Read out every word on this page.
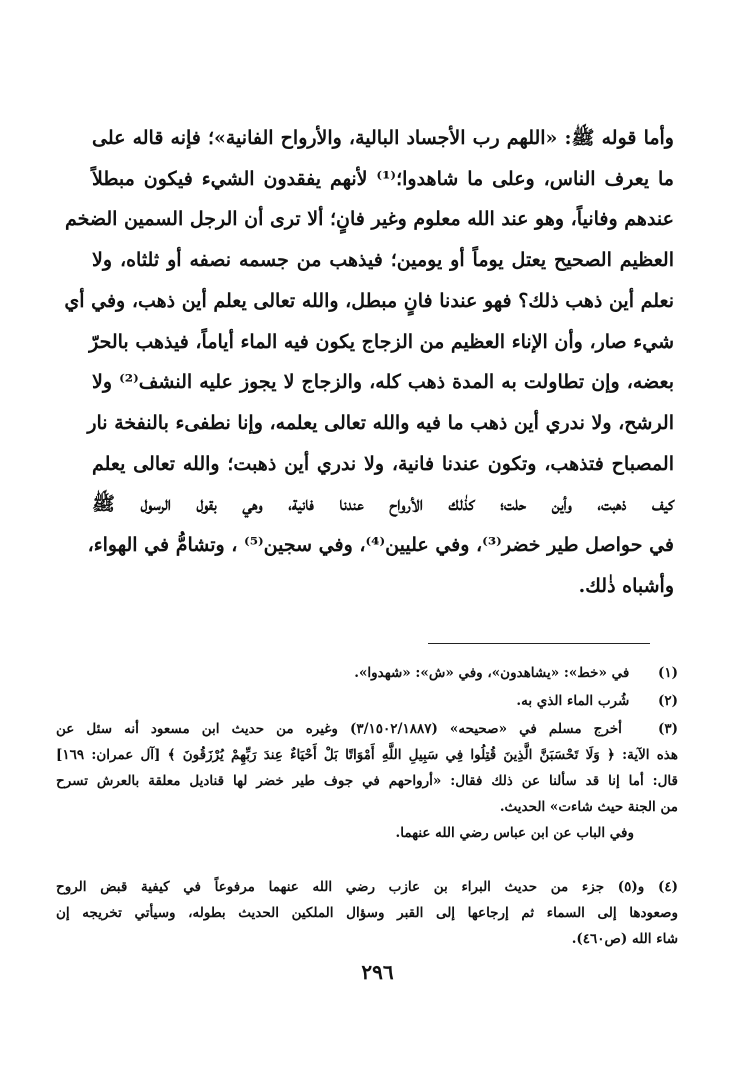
وأما قوله ﷺ: «اللهم رب الأجساد البالية، والأرواح الفانية»؛ فإنه قاله على
ما يعرف الناس، وعلى ما شاهدوا؛⁽¹⁾ لأنهم يفقدون الشيء فيكون مبطلاً
عندهم وفانياً، وهو عند الله معلوم وغير فانٍ؛ ألا ترى أن الرجل السمين الضخم
العظيم الصحيح يعتل يوماً أو يومين؛ فيذهب من جسمه نصفه أو ثلثاه، ولا
نعلم أين ذهب ذلك؟ فهو عندنا فانٍ مبطل، والله تعالى يعلم أين ذهب، وفي أي
شيء صار، وأن الإناء العظيم من الزجاج يكون فيه الماء أياماً، فيذهب بالحرّ
بعضه، وإن تطاولت به المدة ذهب كله، والزجاج لا يجوز عليه النشف⁽²⁾ ولا
الرشح، ولا ندري أين ذهب ما فيه والله تعالى يعلمه، وإنا نطفىء بالنفخة نار
المصباح فتذهب، وتكون عندنا فانية، ولا ندري أين ذهبت؛ والله تعالى يعلم
كيف ذهبت، وأين حلت؛ كذٰلك الأرواح عندنا فانية، وهي بقول الرسول ﷺ
في حواصل طير خضر⁽³⁾، وفي عليين⁽⁴⁾، وفي سجين⁽⁵⁾ ، وتشامُّ في الهواء،
وأشباه ذٰلك.

(١) في «خط»: «يشاهدون»، وفي «ش»: «شهدوا».
(٢) شُرب الماء الذي به.
(٣) أخرج مسلم في «صحيحه» (٣/١٥٠٢/١٨٨٧) وغيره من حديث ابن مسعود أنه سئل عن
هذه الآية: ﴿ وَلَا تَحْسَبَنَّ الَّذِينَ قُتِلُوا فِي سَبِيلِ اللَّهِ أَمْوَاتًا بَلْ أَحْيَاءٌ عِندَ رَبِّهِمْ يُرْزَقُونَ ﴾ [آل عمران: ١٦٩]
قال: أما إنا قد سألنا عن ذلك فقال: «أرواحهم في جوف طير خضر لها قناديل معلقة بالعرش تسرح
من الجنة حيث شاءت» الحديث.
وفي الباب عن ابن عباس رضي الله عنهما.
(٤) و(٥) جزء من حديث البراء بن عازب رضي الله عنهما مرفوعاً في كيفية قبض الروح
وصعودها إلى السماء ثم إرجاعها إلى القبر وسؤال الملكين الحديث بطوله، وسيأتي تخريجه إن
شاء الله (ص٤٦٠).
٢٩٦
